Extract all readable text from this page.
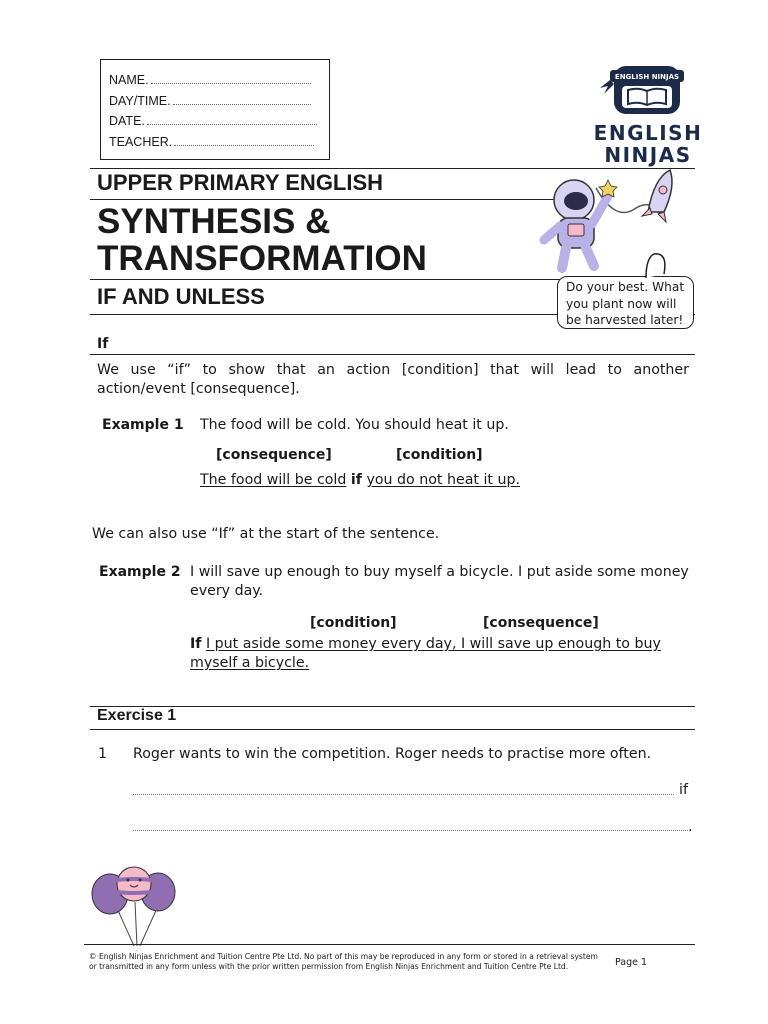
NAME.
DAY/TIME.
DATE.
TEACHER.
ENGLISH NINJAS
ENGLISH
NINJAS
UPPER PRIMARY ENGLISH
SYNTHESIS &
TRANSFORMATION
IF AND UNLESS	Do your best. What
you plant now will
be harvested later!
If
We use “if” to show that an action [condition] that will lead to another action/event [consequence].
Example 1 The food will be cold. You should heat it up.
[consequence]	[condition]
The food will be cold if you do not heat it up.
We can also use “If” at the start of the sentence.
Example 2 I will save up enough to buy myself a bicycle. I put aside some money every day.
[condition]	[consequence]
If I put aside some money every day, I will save up enough to buy
myself a bicycle.
Exercise 1
1 Roger wants to win the competition. Roger needs to practise more often.
if
.
© English Ninjas Enrichment and Tuition Centre Pte Ltd. No part of this may be reproduced in any form or stored in a retrieval system or transmitted in any form unless with the prior written permission from English Ninjas Enrichment and Tuition Centre Pte Ltd.	Page 1
